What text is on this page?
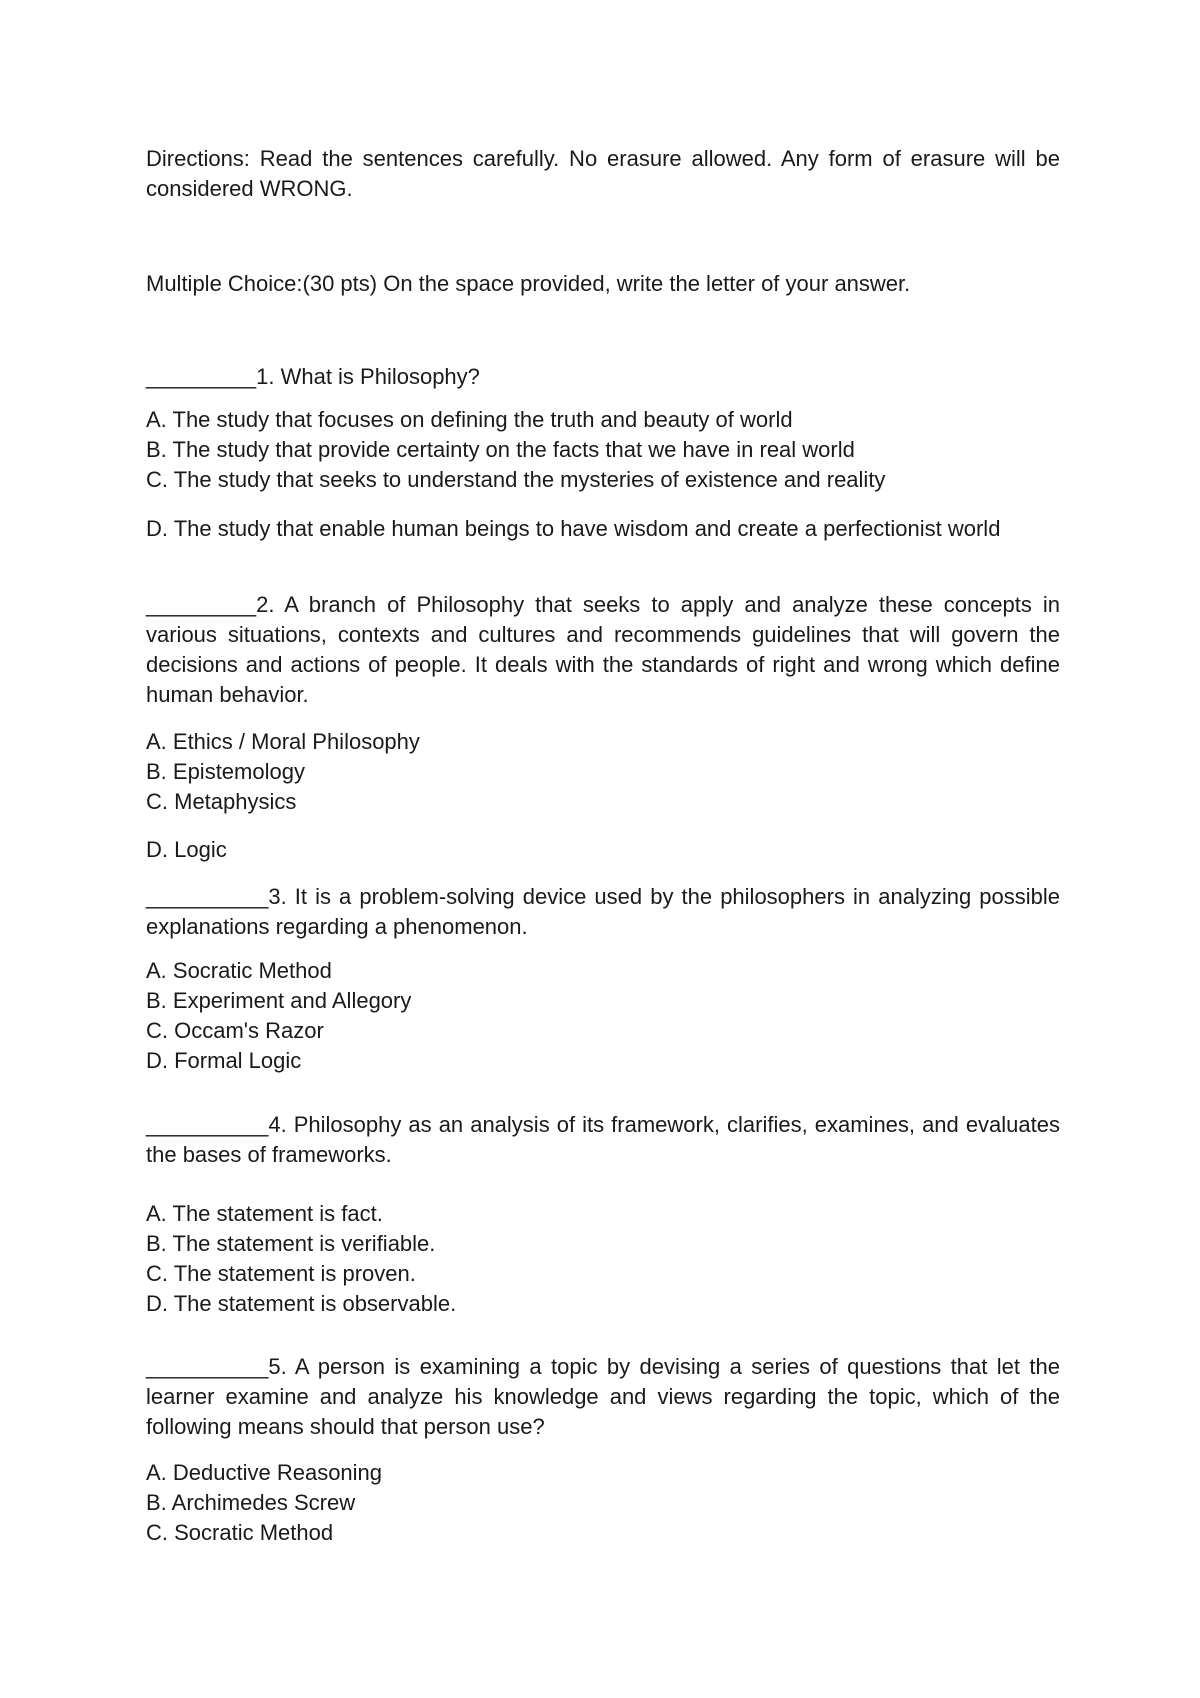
Directions: Read the sentences carefully. No erasure allowed. Any form of erasure will be considered WRONG.

Multiple Choice:(30 pts) On the space provided, write the letter of your answer.

_________1. What is Philosophy?

A. The study that focuses on defining the truth and beauty of world
B. The study that provide certainty on the facts that we have in real world
C. The study that seeks to understand the mysteries of existence and reality

D. The study that enable human beings to have wisdom and create a perfectionist world

_________2. A branch of Philosophy that seeks to apply and analyze these concepts in various situations, contexts and cultures and recommends guidelines that will govern the decisions and actions of people. It deals with the standards of right and wrong which define human behavior.

A. Ethics / Moral Philosophy
B. Epistemology
C. Metaphysics

D. Logic

__________3. It is a problem-solving device used by the philosophers in analyzing possible explanations regarding a phenomenon.

A. Socratic Method
B. Experiment and Allegory
C. Occam's Razor
D. Formal Logic

__________4. Philosophy as an analysis of its framework, clarifies, examines, and evaluates the bases of frameworks.

A. The statement is fact.
B. The statement is verifiable.
C. The statement is proven.
D. The statement is observable.

__________5. A person is examining a topic by devising a series of questions that let the learner examine and analyze his knowledge and views regarding the topic, which of the following means should that person use?

A. Deductive Reasoning
B. Archimedes Screw
C. Socratic Method
